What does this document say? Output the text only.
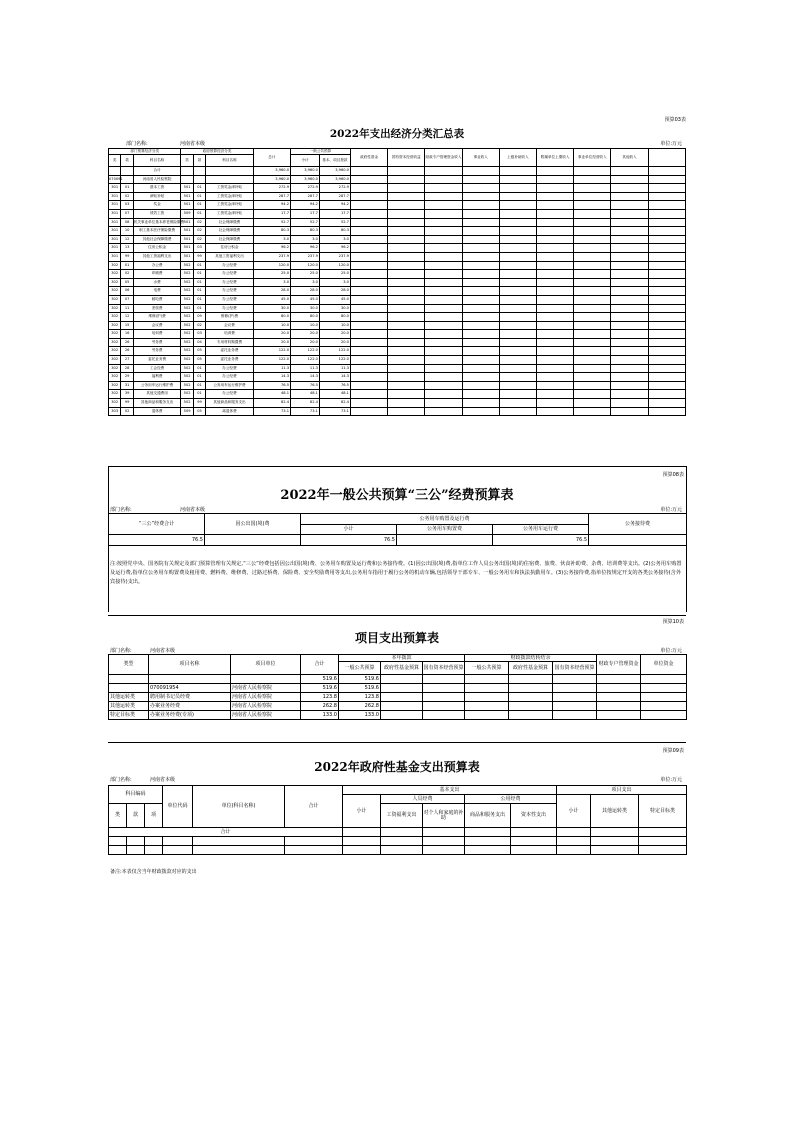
预算03表
2022年支出经济分类汇总表
部门名称:	河南省本级	单位:万元
部门预算经济分类			政府预算经济分类			总计	一般公共预算		政府性基金	国有资本经营收益	财政专户管理资金收入	事业收入	上级补助收入	附属单位上缴收入	事业单位经营收入	其他收入	
类	款	科目名称	类	款	科目名称		小计	基本、项目拨款									
		合计				3,960.0	3,960.0	3,960.0									
070091		河南省人民检察院				3,960.0	3,960.0	3,960.0									
301	01	基本工资	501	01	工资奖金津补贴	272.9	272.9	272.9									
301	02	津贴补贴	501	01	工资奖金津补贴	287.7	287.7	287.7									
301	03	奖金	501	01	工资奖金津补贴	94.2	94.2	94.2									
301	07	绩效工资	509	01	工资奖金津补贴	17.7	17.7	17.7									
301	08	机关事业单位基本养老保险缴费	501	02	社会保障缴费	52.7	52.7	52.7									
301	10	职工基本医疗保险缴费	501	02	社会保障缴费	80.3	80.3	80.3									
301	12	其他社会保障缴费	501	02	社会保障缴费	3.0	3.0	3.0									
301	13	住房公积金	501	03	住房公积金	96.2	96.2	96.2									
301	99	其他工资福利支出	501	99	其他工资福利支出	237.9	237.9	237.9									
302	01	办公费	502	01	办公经费	120.0	120.0	120.0									
302	02	印刷费	502	01	办公经费	25.0	25.0	25.0									
302	05	水费	502	01	办公经费	3.0	3.0	3.0									
302	06	电费	502	01	办公经费	28.0	28.0	28.0									
302	07	邮电费	502	01	办公经费	45.0	45.0	45.0									
302	11	差旅费	502	01	办公经费	30.0	30.0	30.0									
302	12	维修(护)费	502	09	维修(护)费	80.0	80.0	80.0									
302	15	会议费	502	02	会议费	10.0	10.0	10.0									
302	16	培训费	502	03	培训费	20.0	20.0	20.0									
302	26	劳务费	502	04	专用材料购置费	20.0	20.0	20.0									
302	26	劳务费	502	05	委托业务费	122.0	122.0	122.0									
302	27	委托业务费	502	05	委托业务费	122.0	122.0	122.0									
302	28	工会经费	502	01	办公经费	11.3	11.3	11.3									
302	29	福利费	502	01	办公经费	14.3	14.3	14.3									
302	31	公务用车运行维护费	502	01	公务用车运行维护费	76.5	76.5	76.5									
302	39	其他交通费用	502	01	办公经费	48.1	48.1	48.1									
302	99	其他商品和服务支出	502	99	其他商品和服务支出	82.4	82.4	82.4									
303	02	退休费	509	05	离退休费	73.1	73.1	73.1									
预算08表
2022年一般公共预算“三公”经费预算表
部门名称:	河南省本级	单位:万元
“三公”经费合计	因公出国(境)费	公务用车购置及运行费			公务接待费
		小计	公务用车购置费	公务用车运行费	
76.5		76.5		76.5	
注:按照党中央、国务院有关规定及部门预算管理有关规定,“三公”经费包括因公出国(境)费、公务用车购置及运行费和公务接待费。(1)因公出国(境)费,指单位工作人员公务出国(境)的住宿费、旅费、伙食补助费、杂费、培训费等支出。(2)公务用车购置及运行费,指单位公务用车购置费及租用费、燃料费、维修费、过路过桥费、保险费、安全奖励费用等支出,公务用车指用于履行公务的机动车辆,包括领导干部专车、一般公务用车和执法执勤用车。(3)公务接待费,指单位按规定开支的各类公务接待(含外宾接待)支出。
预算10表
项目支出预算表
部门名称:	河南省本级	单位:万元
类型	项目名称	项目单位	合计	本年拨款			财政拨款结转结余			财政专户管理资金	单位资金
				一般公共预算	政府性基金预算	国有资本经营预算	一般公共预算	政府性基金预算	国有资本经营预算		

			519.6	519.6							
	070091954	河南省人民检察院	519.6	519.6							
其他运转类	聘用制书记员经费	河南省人民检察院	123.8	123.8							
其他运转类	办案业务经费	河南省人民检察院	262.8	262.8							
特定目标类	办案业务经费(专项)	河南省人民检察院	133.0	133.0							
预算09表
2022年政府性基金支出预算表
部门名称:	河南省本级	单位:万元
科目编码			单位代码	单位(科目名称)	合计	基本支出					项目支出		
						小计	人员经费		公用经费		小计	其他运转类	特定目标类
类	款	项					工资福利支出	对个人和家庭的补助	商品和服务支出	资本性支出			
合计													

备注:本表仅含当年财政拨款对应的支出
